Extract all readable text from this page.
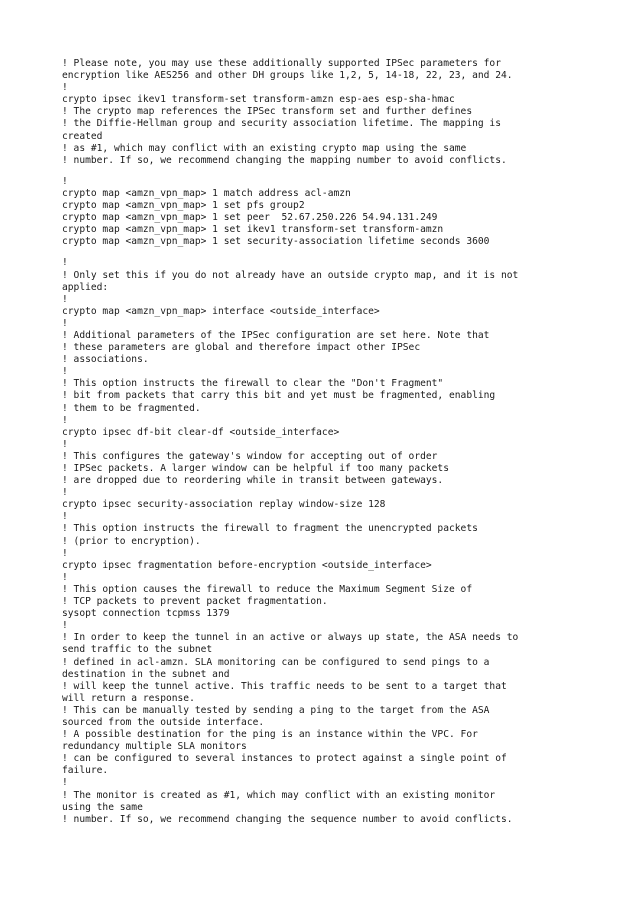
! Please note, you may use these additionally supported IPSec parameters for
encryption like AES256 and other DH groups like 1,2, 5, 14-18, 22, 23, and 24.
!
crypto ipsec ikev1 transform-set transform-amzn esp-aes esp-sha-hmac
! The crypto map references the IPSec transform set and further defines
! the Diffie-Hellman group and security association lifetime. The mapping is
created
! as #1, which may conflict with an existing crypto map using the same
! number. If so, we recommend changing the mapping number to avoid conflicts.
!
crypto map <amzn_vpn_map> 1 match address acl-amzn
crypto map <amzn_vpn_map> 1 set pfs group2
crypto map <amzn_vpn_map> 1 set peer  52.67.250.226 54.94.131.249
crypto map <amzn_vpn_map> 1 set ikev1 transform-set transform-amzn
crypto map <amzn_vpn_map> 1 set security-association lifetime seconds 3600
!
! Only set this if you do not already have an outside crypto map, and it is not
applied:
!
crypto map <amzn_vpn_map> interface <outside_interface>
!
! Additional parameters of the IPSec configuration are set here. Note that
! these parameters are global and therefore impact other IPSec
! associations.
!
! This option instructs the firewall to clear the "Don't Fragment"
! bit from packets that carry this bit and yet must be fragmented, enabling
! them to be fragmented.
!
crypto ipsec df-bit clear-df <outside_interface>
!
! This configures the gateway's window for accepting out of order
! IPSec packets. A larger window can be helpful if too many packets
! are dropped due to reordering while in transit between gateways.
!
crypto ipsec security-association replay window-size 128
!
! This option instructs the firewall to fragment the unencrypted packets
! (prior to encryption).
!
crypto ipsec fragmentation before-encryption <outside_interface>
!
! This option causes the firewall to reduce the Maximum Segment Size of
! TCP packets to prevent packet fragmentation.
sysopt connection tcpmss 1379
!
! In order to keep the tunnel in an active or always up state, the ASA needs to
send traffic to the subnet
! defined in acl-amzn. SLA monitoring can be configured to send pings to a
destination in the subnet and
! will keep the tunnel active. This traffic needs to be sent to a target that
will return a response.
! This can be manually tested by sending a ping to the target from the ASA
sourced from the outside interface.
! A possible destination for the ping is an instance within the VPC. For
redundancy multiple SLA monitors
! can be configured to several instances to protect against a single point of
failure.
!
! The monitor is created as #1, which may conflict with an existing monitor
using the same
! number. If so, we recommend changing the sequence number to avoid conflicts.
